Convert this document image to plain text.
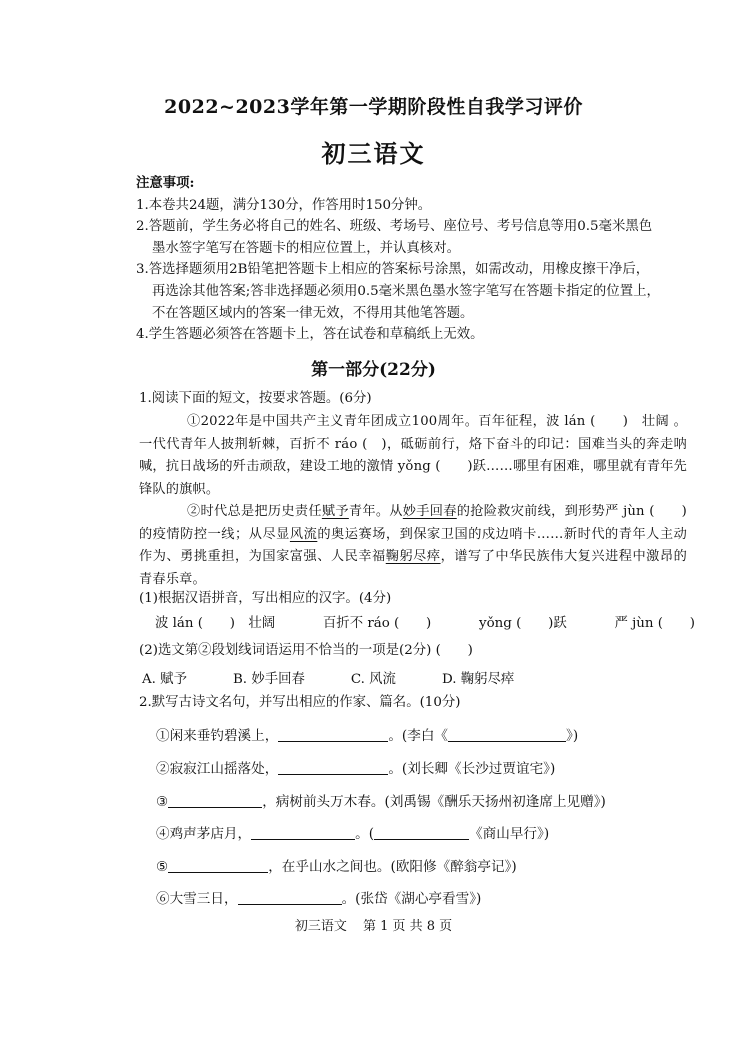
2022~2023学年第一学期阶段性自我学习评价
初三语文
注意事项:
1.本卷共24题，满分130分，作答用时150分钟。
2.答题前，学生务必将自己的姓名、班级、考场号、座位号、考号信息等用0.5毫米黑色
墨水签字笔写在答题卡的相应位置上，并认真核对。
3.答选择题须用2B铅笔把答题卡上相应的答案标号涂黑，如需改动，用橡皮擦干净后，
再选涂其他答案;答非选择题必须用0.5毫米黑色墨水签字笔写在答题卡指定的位置上，
不在答题区域内的答案一律无效，不得用其他笔答题。
4.学生答题必须答在答题卡上，答在试卷和草稿纸上无效。
第一部分(22分)
1.阅读下面的短文，按要求答题。(6分)
①2022年是中国共产主义青年团成立100周年。百年征程，波 lán (　　)　壮阔 。一代代青年人披荆斩棘，百折不 ráo (　)，砥砺前行，烙下奋斗的印记：国难当头的奔走呐喊，抗日战场的歼击顽敌，建设工地的激情 yǒng (　　)跃……哪里有困难，哪里就有青年先锋队的旗帜。
②时代总是把历史责任赋予青年。从妙手回春的抢险救灾前线，到形势严 jùn (　　)的疫情防控一线；从尽显风流的奥运赛场，到保家卫国的戍边哨卡……新时代的青年人主动作为、勇挑重担，为国家富强、人民幸福鞠躬尽瘁，谱写了中华民族伟大复兴进程中激昂的青春乐章。
(1)根据汉语拼音，写出相应的汉字。(4分)
波 lán (　　)　壮阔	百折不 ráo (　　)	yǒng (　　)跃	严 jùn (　　)
(2)选文第②段划线词语运用不恰当的一项是(2分) (　　)
A. 赋予	B. 妙手回春	C. 风流	D. 鞠躬尽瘁
2.默写古诗文名句，并写出相应的作家、篇名。(10分)
①闲来垂钓碧溪上，	。(李白《	》)
②寂寂江山摇落处，	。(刘长卿《长沙过贾谊宅》)
③	，病树前头万木春。(刘禹锡《酬乐天扬州初逢席上见赠》)
④鸡声茅店月，	。(	《商山早行》)
⑤	，在乎山水之间也。(欧阳修《醉翁亭记》)
⑥大雪三日，	。(张岱《湖心亭看雪》)
初三语文 第 1 页 共 8 页
